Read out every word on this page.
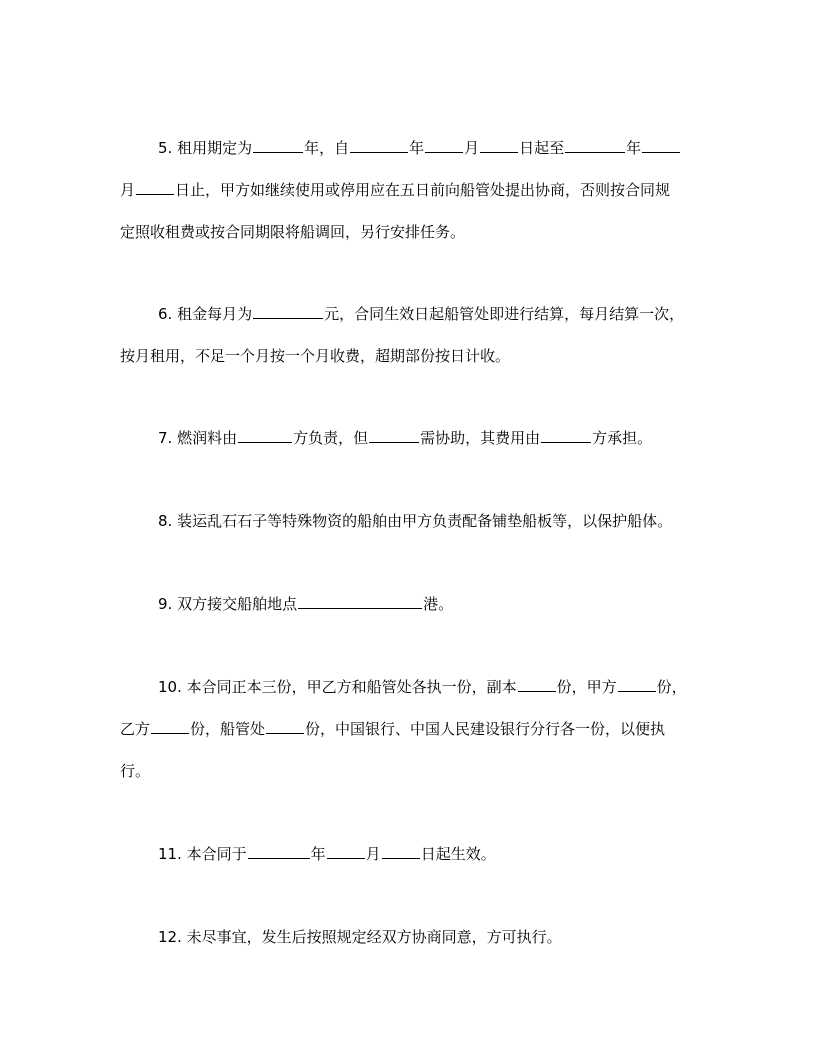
5. 租用期定为	年，自	年	月	日起至	年
月	日止，甲方如继续使用或停用应在五日前向船管处提出协商，否则按合同规
定照收租费或按合同期限将船调回，另行安排任务。
6. 租金每月为	元，合同生效日起船管处即进行结算，每月结算一次，
按月租用，不足一个月按一个月收费，超期部份按日计收。
7. 燃润料由	方负责，但	需协助，其费用由	方承担。
8. 装运乱石石子等特殊物资的船舶由甲方负责配备铺垫船板等，以保护船体。
9. 双方接交船舶地点	港。
10. 本合同正本三份，甲乙方和船管处各执一份，副本	份，甲方	份，
乙方	份，船管处	份，中国银行、中国人民建设银行分行各一份，以便执
行。
11. 本合同于	年	月	日起生效。
12. 未尽事宜，发生后按照规定经双方协商同意，方可执行。
